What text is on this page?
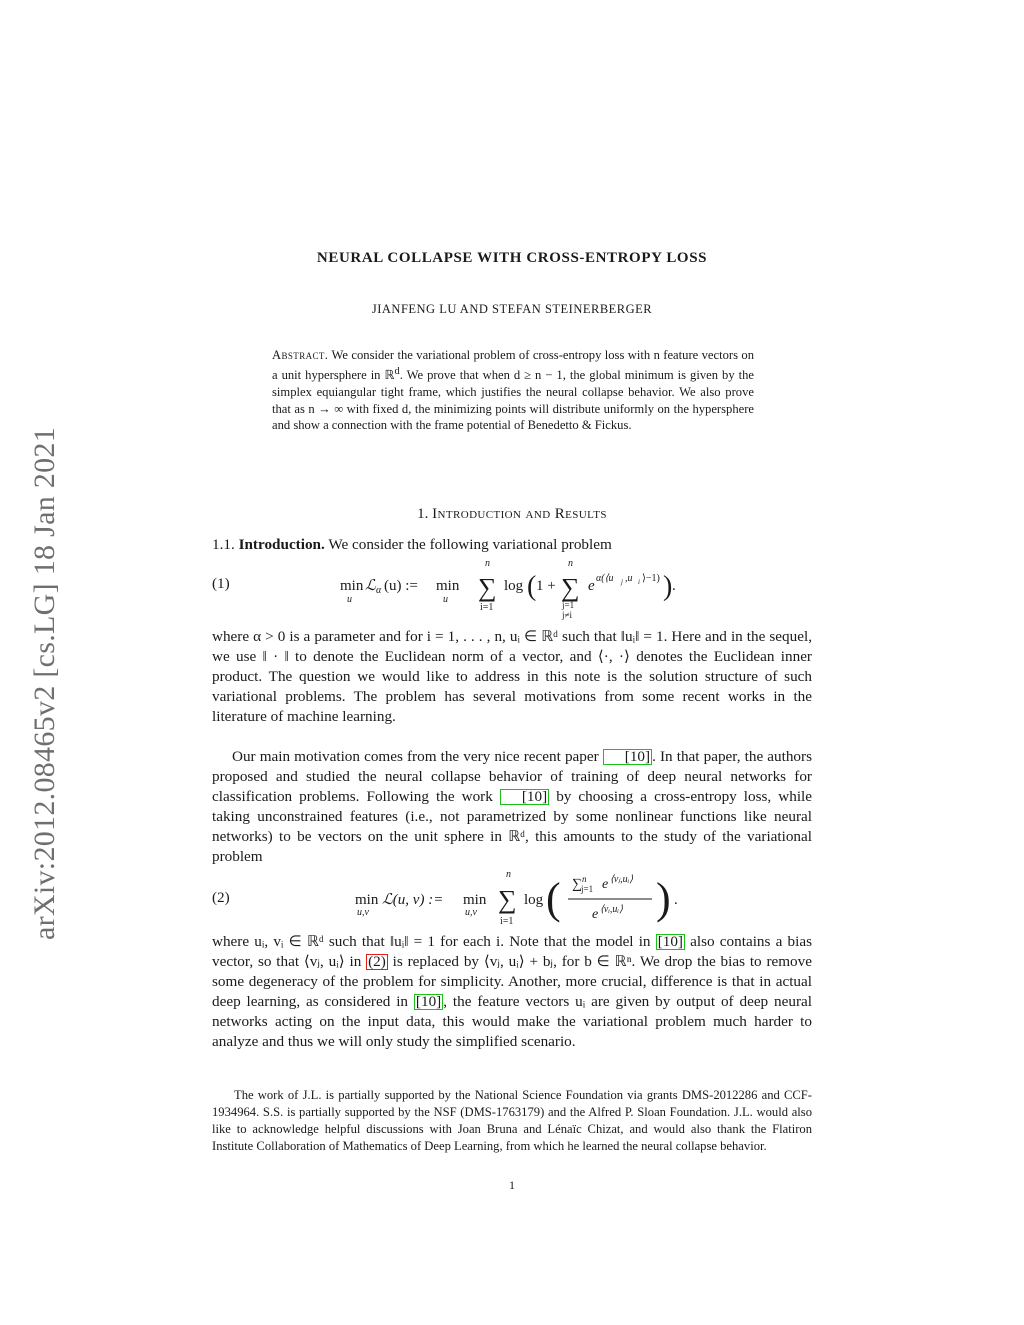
arXiv:2012.08465v2 [cs.LG] 18 Jan 2021
NEURAL COLLAPSE WITH CROSS-ENTROPY LOSS
JIANFENG LU AND STEFAN STEINERBERGER
Abstract. We consider the variational problem of cross-entropy loss with n feature vectors on a unit hypersphere in ℝ$^d$. We prove that when d ≥ n − 1, the global minimum is given by the simplex equiangular tight frame, which justifies the neural collapse behavior. We also prove that as n → ∞ with fixed d, the minimizing points will distribute uniformly on the hypersphere and show a connection with the frame potential of Benedetto & Fickus.
1. Introduction and Results
1.1. Introduction. We consider the following variational problem
(1)	min
u
ℒ α (u) := min
u
n
∑
i=1
log ( 1 +
n
∑
j=1
j≠i
e α(⟨u j ,u i ⟩−1) ) .
where α > 0 is a parameter and for i = 1, . . . , n, uᵢ ∈ ℝᵈ such that ‖uᵢ‖ = 1. Here and in the sequel, we use ‖ · ‖ to denote the Euclidean norm of a vector, and ⟨·, ·⟩ denotes the Euclidean inner product. The question we would like to address in this note is the solution structure of such variational problems. The problem has several motivations from some recent works in the literature of machine learning.
Our main motivation comes from the very nice recent paper [10] . In that paper, the authors proposed and studied the neural collapse behavior of training of deep neural networks for classification problems. Following the work [10] by choosing a cross-entropy loss, while taking unconstrained features (i.e., not parametrized by some nonlinear functions like neural networks) to be vectors on the unit sphere in ℝᵈ, this amounts to the study of the variational problem
(2)	min
u,v
ℒ(u, v) := min
u,v
n
∑
i=1
log ( ∑ n
j=1 e ⟨vⱼ,uᵢ⟩
e ⟨vᵢ,uᵢ⟩ ) .
where uᵢ, vᵢ ∈ ℝᵈ such that ‖uᵢ‖ = 1 for each i. Note that the model in [10] also contains a bias vector, so that ⟨vⱼ, uᵢ⟩ in (2) is replaced by ⟨vⱼ, uᵢ⟩ + bⱼ, for b ∈ ℝⁿ. We drop the bias to remove some degeneracy of the problem for simplicity. Another, more crucial, difference is that in actual deep learning, as considered in [10] , the feature vectors uᵢ are given by output of deep neural networks acting on the input data, this would make the variational problem much harder to analyze and thus we will only study the simplified scenario.
The work of J.L. is partially supported by the National Science Foundation via grants DMS-2012286 and CCF-1934964. S.S. is partially supported by the NSF (DMS-1763179) and the Alfred P. Sloan Foundation. J.L. would also like to acknowledge helpful discussions with Joan Bruna and Lénaïc Chizat, and would also thank the Flatiron Institute Collaboration of Mathematics of Deep Learning, from which he learned the neural collapse behavior.
1
